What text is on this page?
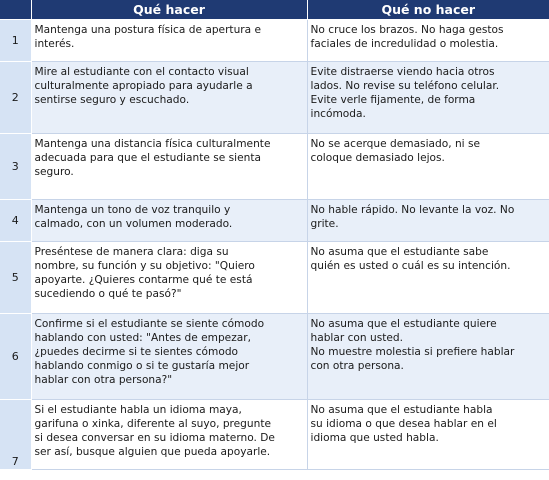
	Qué hacer	Qué no hacer
1	Mantenga una postura física de apertura e
interés.	No cruce los brazos. No haga gestos
faciales de incredulidad o molestia.

2	Mire al estudiante con el contacto visual
culturalmente apropiado para ayudarle a
sentirse seguro y escuchado.	Evite distraerse viendo hacia otros
lados. No revise su teléfono celular.
Evite verle fijamente, de forma
incómoda.

3	Mantenga una distancia física culturalmente
adecuada para que el estudiante se sienta
seguro.	No se acerque demasiado, ni se
coloque demasiado lejos.

4	Mantenga un tono de voz tranquilo y
calmado, con un volumen moderado.	No hable rápido. No levante la voz. No
grite.

5	Preséntese de manera clara: diga su
nombre, su función y su objetivo: "Quiero
apoyarte. ¿Quieres contarme qué te está
sucediendo o qué te pasó?"	No asuma que el estudiante sabe
quién es usted o cuál es su intención.

6	Confirme si el estudiante se siente cómodo
hablando con usted: "Antes de empezar,
¿puedes decirme si te sientes cómodo
hablando conmigo o si te gustaría mejor
hablar con otra persona?"	No asuma que el estudiante quiere
hablar con usted.
No muestre molestia si prefiere hablar
con otra persona.

7	Si el estudiante habla un idioma maya,
garifuna o xinka, diferente al suyo, pregunte
si desea conversar en su idioma materno. De
ser así, busque alguien que pueda apoyarle.	No asuma que el estudiante habla
su idioma o que desea hablar en el
idioma que usted habla.
